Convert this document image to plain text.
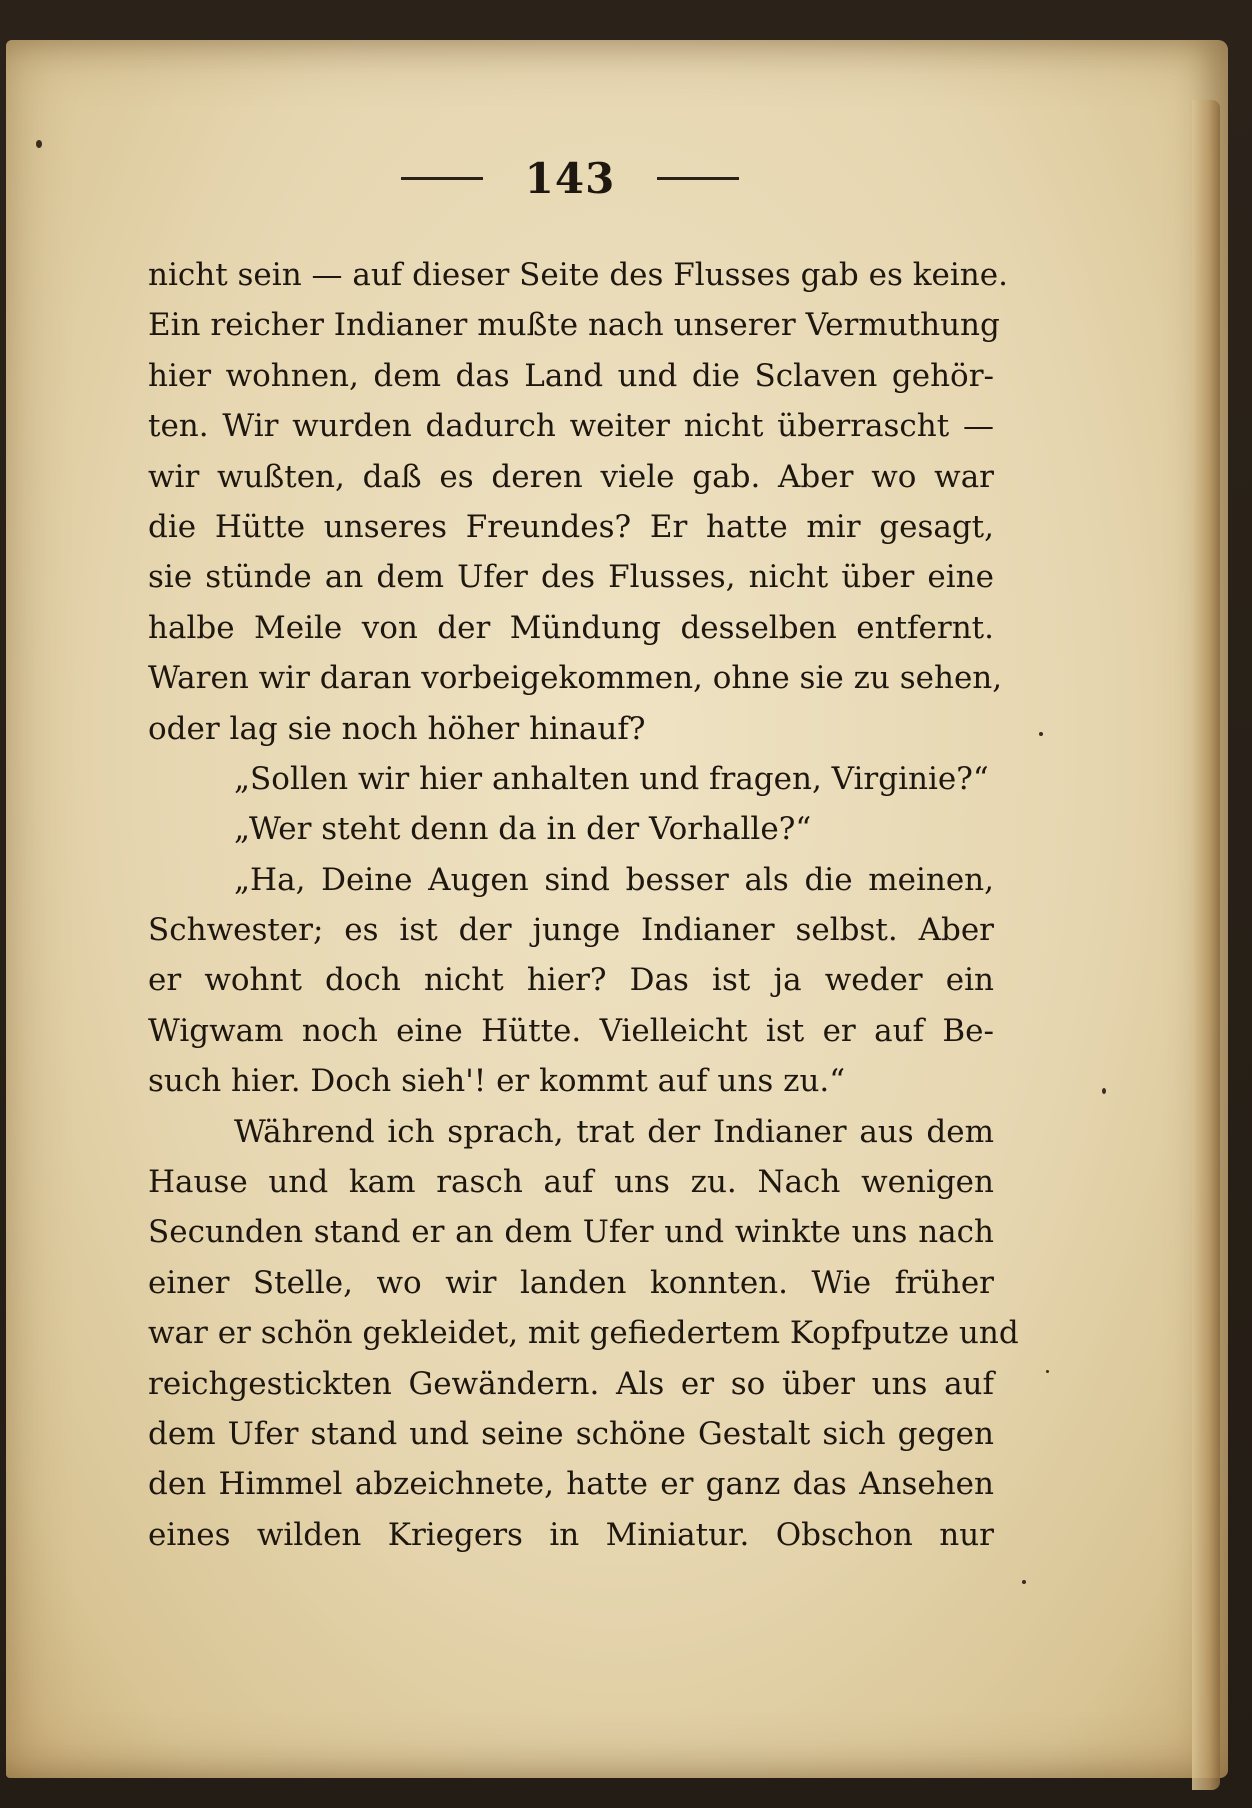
143
nicht sein — auf dieser Seite des Flusses gab es keine.
Ein reicher Indianer mußte nach unserer Vermuthung
hier wohnen, dem das Land und die Sclaven gehör-
ten. Wir wurden dadurch weiter nicht überrascht —
wir wußten, daß es deren viele gab. Aber wo war
die Hütte unseres Freundes? Er hatte mir gesagt,
sie stünde an dem Ufer des Flusses, nicht über eine
halbe Meile von der Mündung desselben entfernt.
Waren wir daran vorbeigekommen, ohne sie zu sehen,
oder lag sie noch höher hinauf?
„Sollen wir hier anhalten und fragen, Virginie?“
„Wer steht denn da in der Vorhalle?“
„Ha, Deine Augen sind besser als die meinen,
Schwester; es ist der junge Indianer selbst. Aber
er wohnt doch nicht hier? Das ist ja weder ein
Wigwam noch eine Hütte. Vielleicht ist er auf Be-
such hier. Doch sieh'! er kommt auf uns zu.“
Während ich sprach, trat der Indianer aus dem
Hause und kam rasch auf uns zu. Nach wenigen
Secunden stand er an dem Ufer und winkte uns nach
einer Stelle, wo wir landen konnten. Wie früher
war er schön gekleidet, mit gefiedertem Kopfputze und
reichgestickten Gewändern. Als er so über uns auf
dem Ufer stand und seine schöne Gestalt sich gegen
den Himmel abzeichnete, hatte er ganz das Ansehen
eines wilden Kriegers in Miniatur. Obschon nur
